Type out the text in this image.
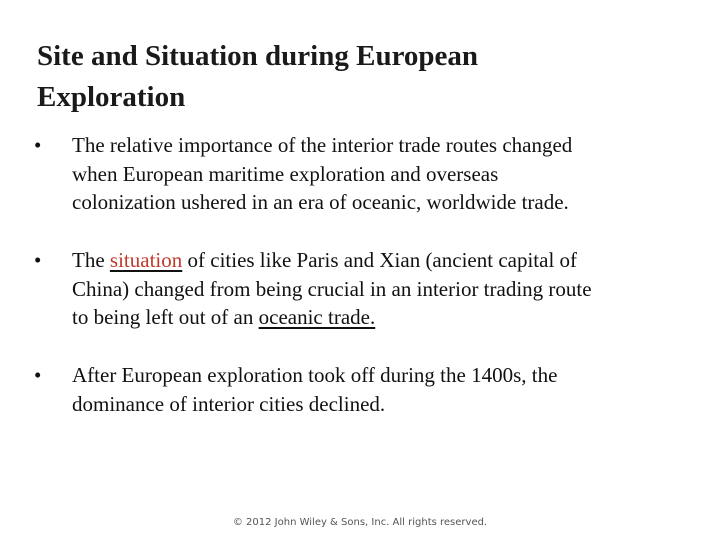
Site and Situation during European
Exploration
•	The relative importance of the interior trade routes changed
when European maritime exploration and overseas
colonization ushered in an era of oceanic, worldwide trade.
•	The situation of cities like Paris and Xian (ancient capital of
China) changed from being crucial in an interior trading route
to being left out of an oceanic trade.
•	After European exploration took off during the 1400s, the
dominance of interior cities declined.
© 2012 John Wiley & Sons, Inc. All rights reserved.
